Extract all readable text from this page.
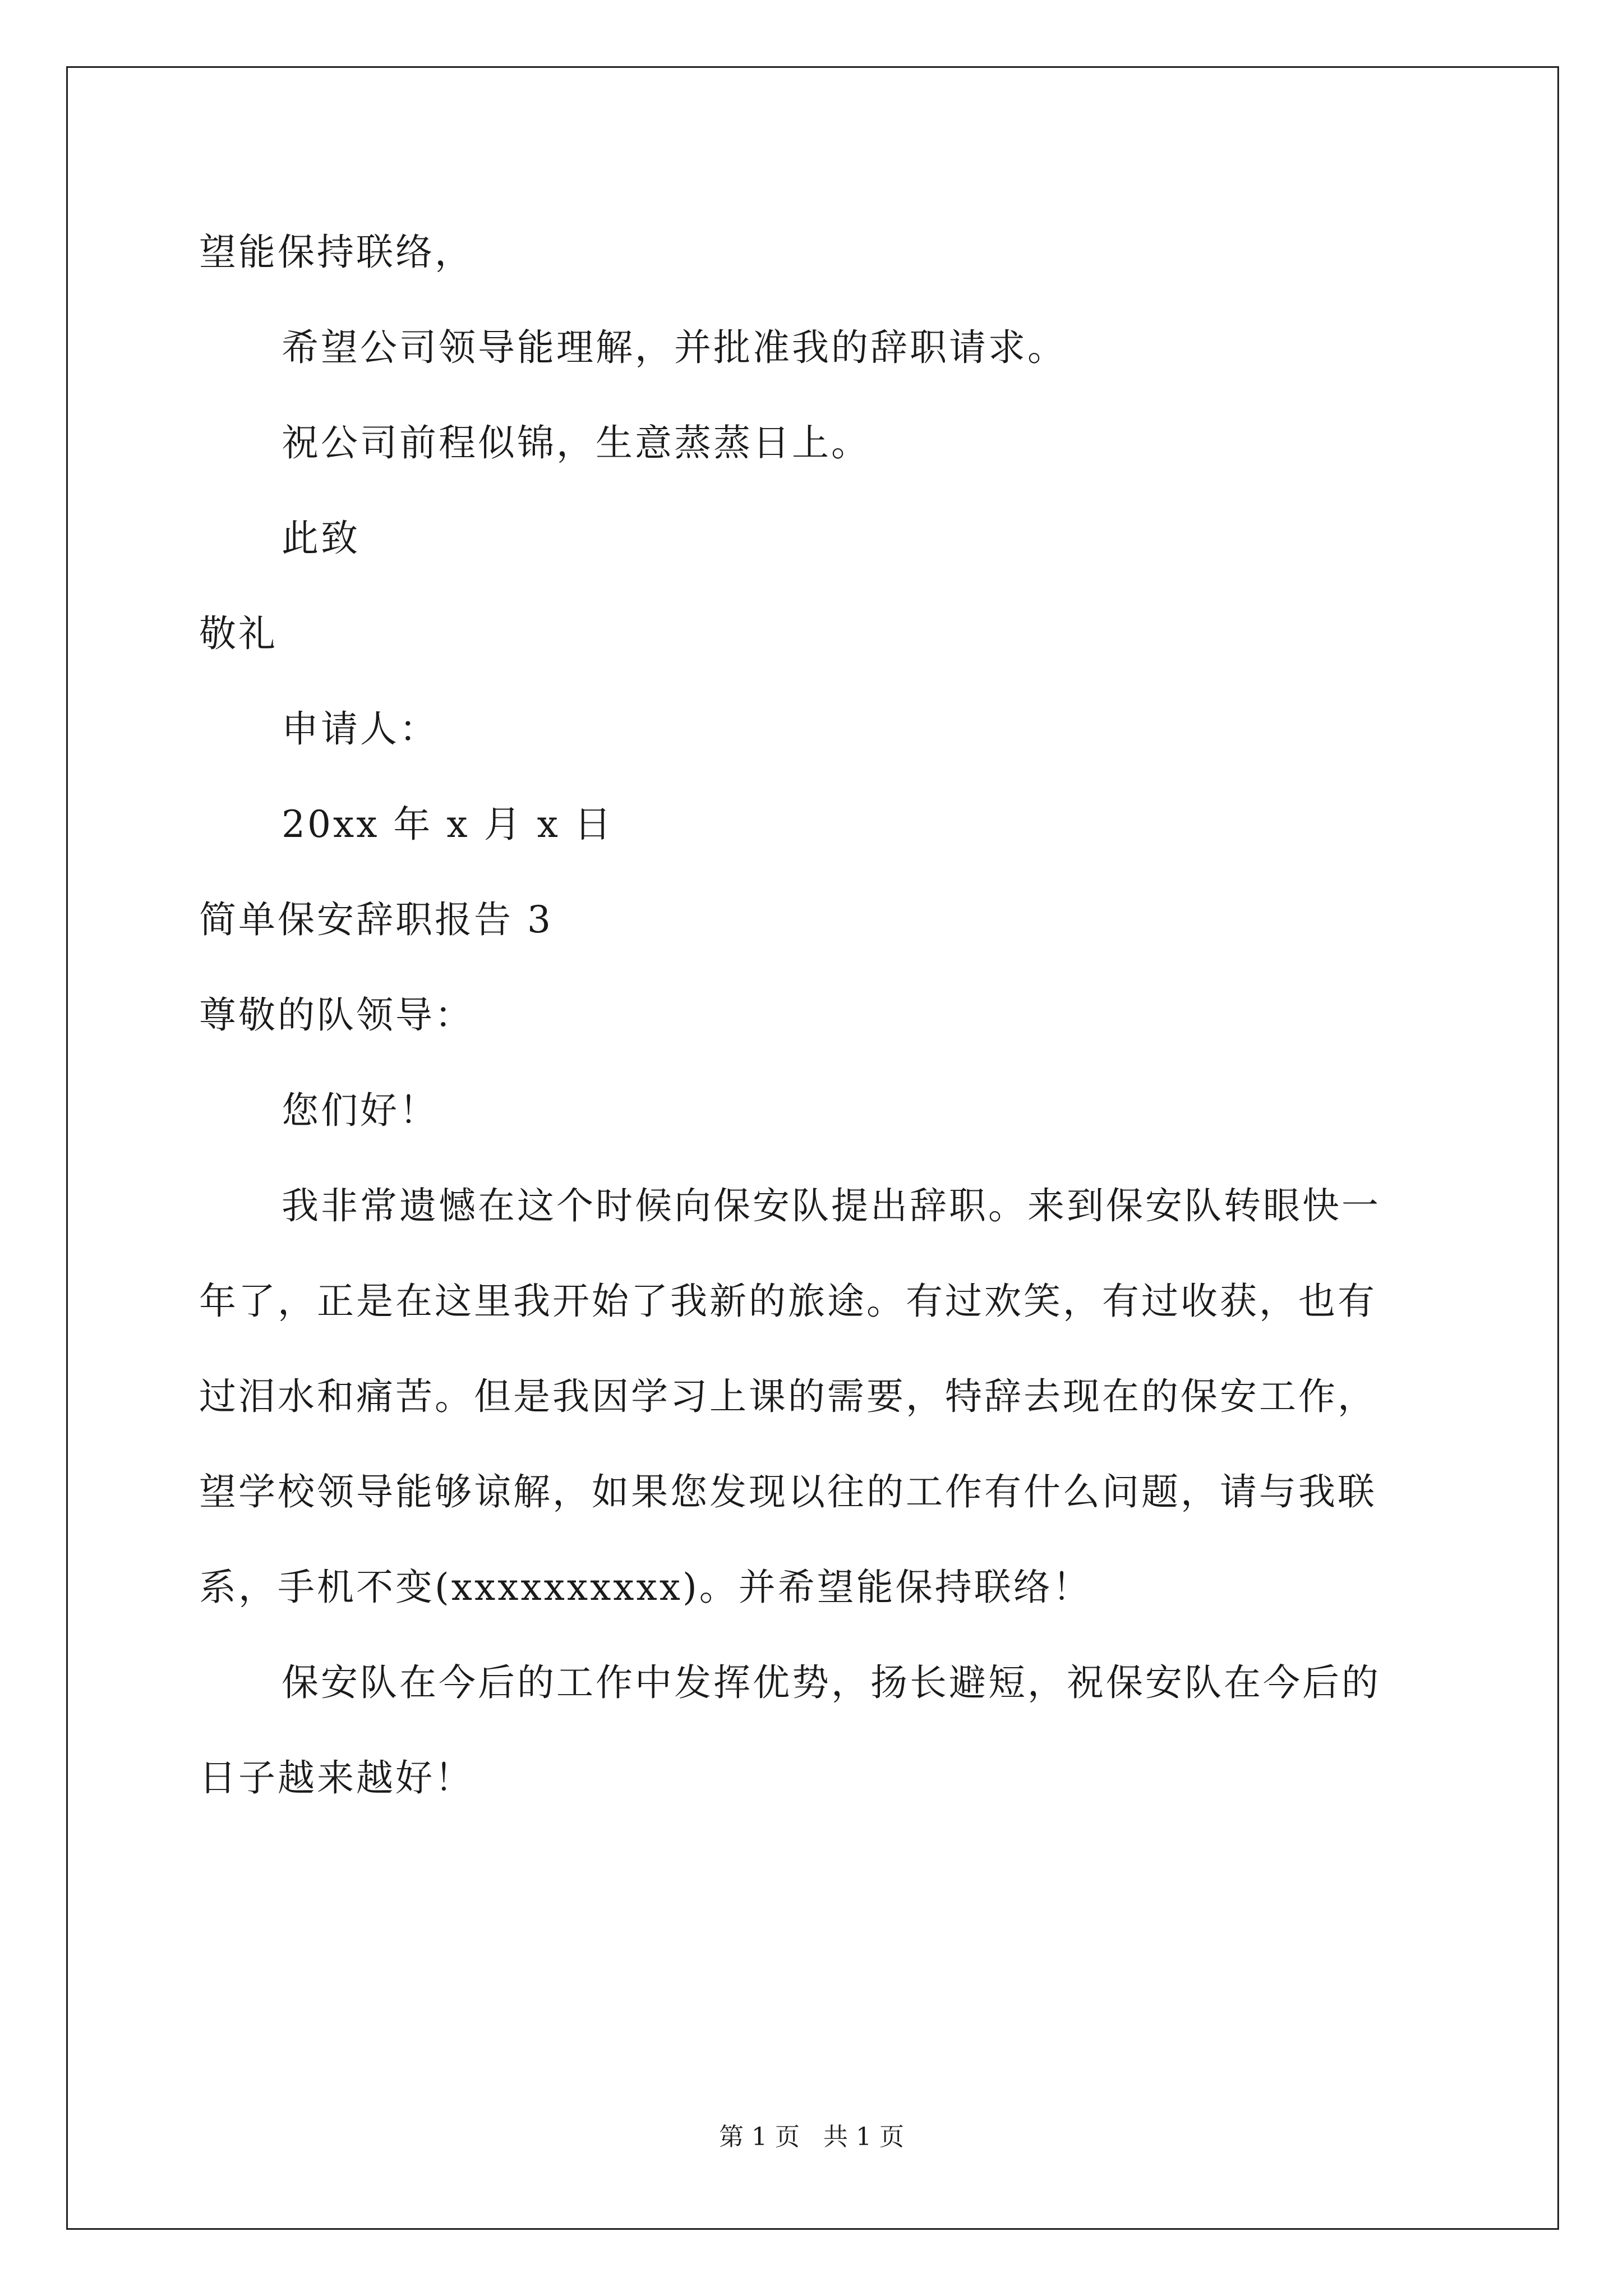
望能保持联络，
希望公司领导能理解，并批准我的辞职请求。
祝公司前程似锦，生意蒸蒸日上。
此致
敬礼
申请人：
20xx 年 x 月 x 日
简单保安辞职报告 3
尊敬的队领导：
您们好！
我非常遗憾在这个时候向保安队提出辞职。来到保安队转眼快一
年了，正是在这里我开始了我新的旅途。有过欢笑，有过收获，也有
过泪水和痛苦。但是我因学习上课的需要，特辞去现在的保安工作，
望学校领导能够谅解，如果您发现以往的工作有什么问题，请与我联
系，手机不变(xxxxxxxxxx)。并希望能保持联络！
保安队在今后的工作中发挥优势，扬长避短，祝保安队在今后的
日子越来越好！
第 1 页   共 1 页
